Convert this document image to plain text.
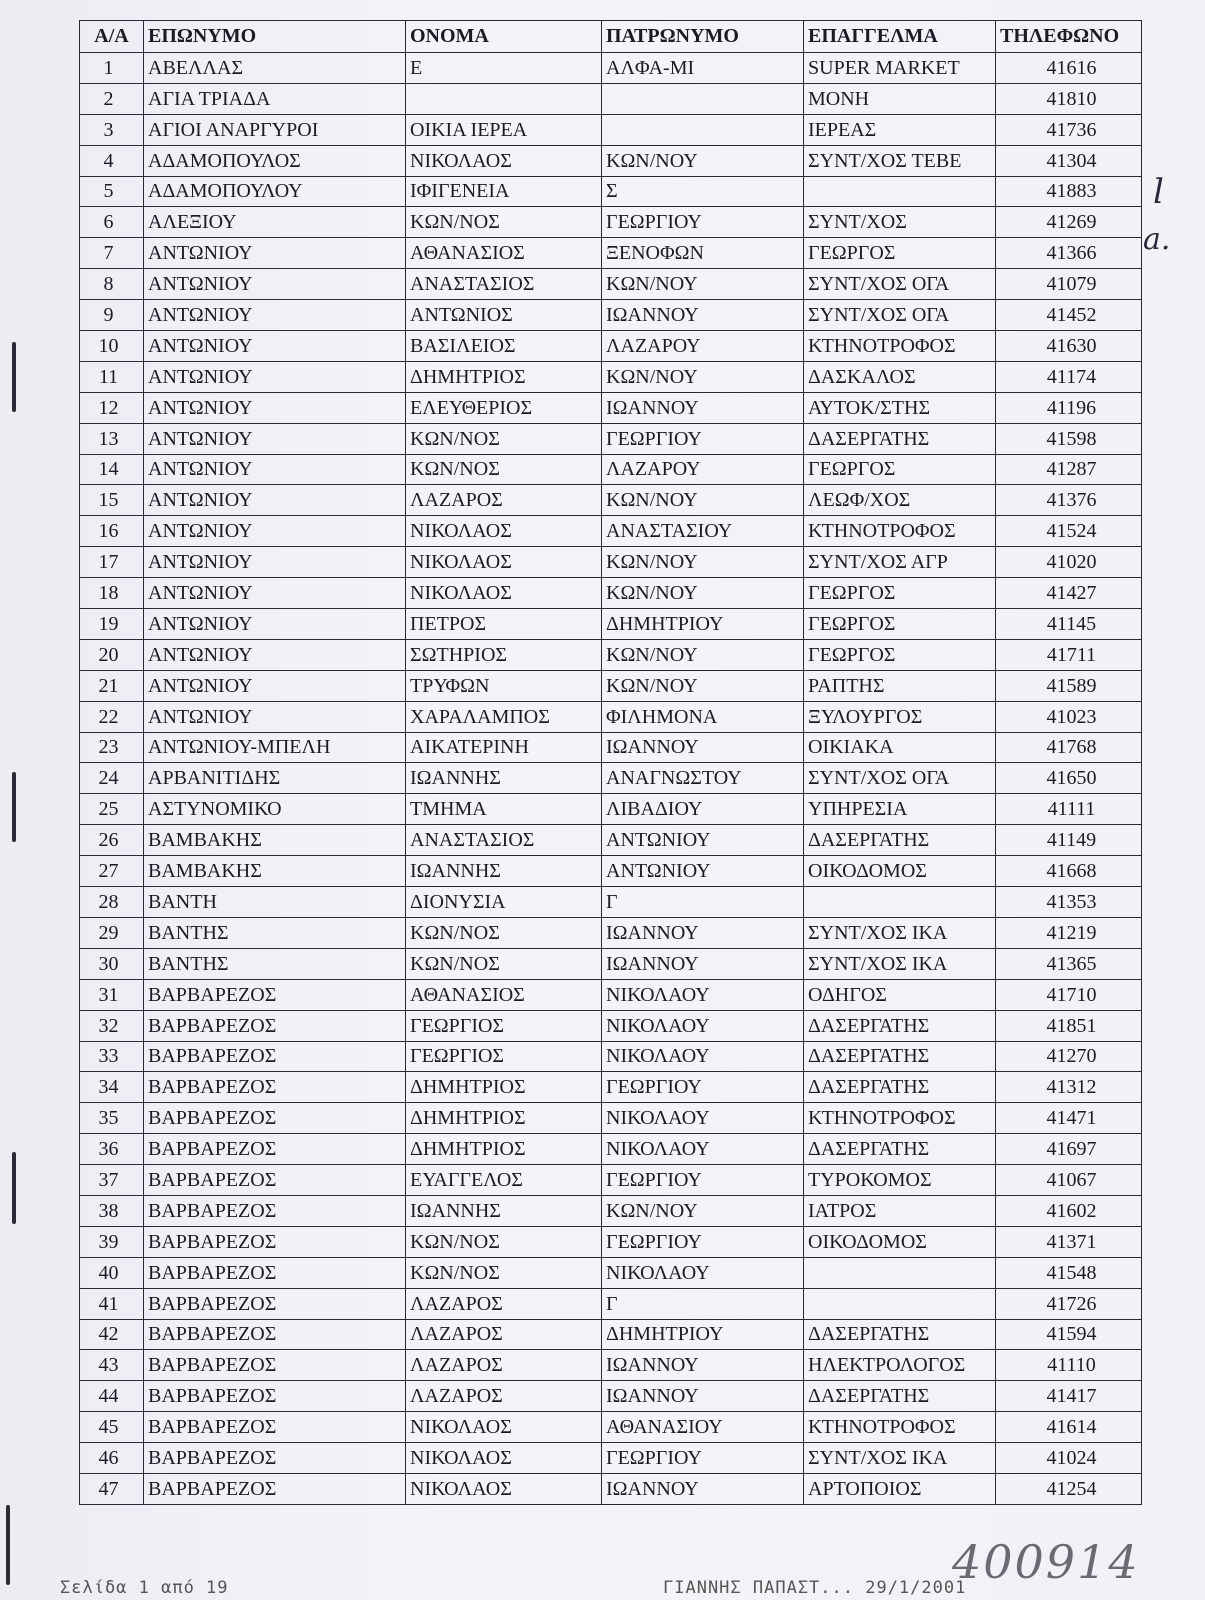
Α/Α	ΕΠΩΝΥΜΟ	ΟΝΟΜΑ	ΠΑΤΡΩΝΥΜΟ	ΕΠΑΓΓΕΛΜΑ	ΤΗΛΕΦΩΝΟ
1	ΑΒΕΛΛΑΣ	Ε	ΑΛΦΑ-ΜΙ	SUPER MARKET	41616
2	ΑΓΙΑ ΤΡΙΑΔΑ			ΜΟΝΗ	41810
3	ΑΓΙΟΙ ΑΝΑΡΓΥΡΟΙ	ΟΙΚΙΑ ΙΕΡΕΑ		ΙΕΡΕΑΣ	41736
4	ΑΔΑΜΟΠΟΥΛΟΣ	ΝΙΚΟΛΑΟΣ	ΚΩΝ/ΝΟΥ	ΣΥΝΤ/ΧΟΣ ΤΕΒΕ	41304
5	ΑΔΑΜΟΠΟΥΛΟΥ	ΙΦΙΓΕΝΕΙΑ	Σ		41883
6	ΑΛΕΞΙΟΥ	ΚΩΝ/ΝΟΣ	ΓΕΩΡΓΙΟΥ	ΣΥΝΤ/ΧΟΣ	41269
7	ΑΝΤΩΝΙΟΥ	ΑΘΑΝΑΣΙΟΣ	ΞΕΝΟΦΩΝ	ΓΕΩΡΓΟΣ	41366
8	ΑΝΤΩΝΙΟΥ	ΑΝΑΣΤΑΣΙΟΣ	ΚΩΝ/ΝΟΥ	ΣΥΝΤ/ΧΟΣ ΟΓΑ	41079
9	ΑΝΤΩΝΙΟΥ	ΑΝΤΩΝΙΟΣ	ΙΩΑΝΝΟΥ	ΣΥΝΤ/ΧΟΣ ΟΓΑ	41452
10	ΑΝΤΩΝΙΟΥ	ΒΑΣΙΛΕΙΟΣ	ΛΑΖΑΡΟΥ	ΚΤΗΝΟΤΡΟΦΟΣ	41630
11	ΑΝΤΩΝΙΟΥ	ΔΗΜΗΤΡΙΟΣ	ΚΩΝ/ΝΟΥ	ΔΑΣΚΑΛΟΣ	41174
12	ΑΝΤΩΝΙΟΥ	ΕΛΕΥΘΕΡΙΟΣ	ΙΩΑΝΝΟΥ	ΑΥΤΟΚ/ΣΤΗΣ	41196
13	ΑΝΤΩΝΙΟΥ	ΚΩΝ/ΝΟΣ	ΓΕΩΡΓΙΟΥ	ΔΑΣΕΡΓΑΤΗΣ	41598
14	ΑΝΤΩΝΙΟΥ	ΚΩΝ/ΝΟΣ	ΛΑΖΑΡΟΥ	ΓΕΩΡΓΟΣ	41287
15	ΑΝΤΩΝΙΟΥ	ΛΑΖΑΡΟΣ	ΚΩΝ/ΝΟΥ	ΛΕΩΦ/ΧΟΣ	41376
16	ΑΝΤΩΝΙΟΥ	ΝΙΚΟΛΑΟΣ	ΑΝΑΣΤΑΣΙΟΥ	ΚΤΗΝΟΤΡΟΦΟΣ	41524
17	ΑΝΤΩΝΙΟΥ	ΝΙΚΟΛΑΟΣ	ΚΩΝ/ΝΟΥ	ΣΥΝΤ/ΧΟΣ ΑΓΡ	41020
18	ΑΝΤΩΝΙΟΥ	ΝΙΚΟΛΑΟΣ	ΚΩΝ/ΝΟΥ	ΓΕΩΡΓΟΣ	41427
19	ΑΝΤΩΝΙΟΥ	ΠΕΤΡΟΣ	ΔΗΜΗΤΡΙΟΥ	ΓΕΩΡΓΟΣ	41145
20	ΑΝΤΩΝΙΟΥ	ΣΩΤΗΡΙΟΣ	ΚΩΝ/ΝΟΥ	ΓΕΩΡΓΟΣ	41711
21	ΑΝΤΩΝΙΟΥ	ΤΡΥΦΩΝ	ΚΩΝ/ΝΟΥ	ΡΑΠΤΗΣ	41589
22	ΑΝΤΩΝΙΟΥ	ΧΑΡΑΛΑΜΠΟΣ	ΦΙΛΗΜΟΝΑ	ΞΥΛΟΥΡΓΟΣ	41023
23	ΑΝΤΩΝΙΟΥ-ΜΠΕΛΗ	ΑΙΚΑΤΕΡΙΝΗ	ΙΩΑΝΝΟΥ	ΟΙΚΙΑΚΑ	41768
24	ΑΡΒΑΝΙΤΙΔΗΣ	ΙΩΑΝΝΗΣ	ΑΝΑΓΝΩΣΤΟΥ	ΣΥΝΤ/ΧΟΣ ΟΓΑ	41650
25	ΑΣΤΥΝΟΜΙΚΟ	ΤΜΗΜΑ	ΛΙΒΑΔΙΟΥ	ΥΠΗΡΕΣΙΑ	41111
26	ΒΑΜΒΑΚΗΣ	ΑΝΑΣΤΑΣΙΟΣ	ΑΝΤΩΝΙΟΥ	ΔΑΣΕΡΓΑΤΗΣ	41149
27	ΒΑΜΒΑΚΗΣ	ΙΩΑΝΝΗΣ	ΑΝΤΩΝΙΟΥ	ΟΙΚΟΔΟΜΟΣ	41668
28	ΒΑΝΤΗ	ΔΙΟΝΥΣΙΑ	Γ		41353
29	ΒΑΝΤΗΣ	ΚΩΝ/ΝΟΣ	ΙΩΑΝΝΟΥ	ΣΥΝΤ/ΧΟΣ ΙΚΑ	41219
30	ΒΑΝΤΗΣ	ΚΩΝ/ΝΟΣ	ΙΩΑΝΝΟΥ	ΣΥΝΤ/ΧΟΣ ΙΚΑ	41365
31	ΒΑΡΒΑΡΕΖΟΣ	ΑΘΑΝΑΣΙΟΣ	ΝΙΚΟΛΑΟΥ	ΟΔΗΓΟΣ	41710
32	ΒΑΡΒΑΡΕΖΟΣ	ΓΕΩΡΓΙΟΣ	ΝΙΚΟΛΑΟΥ	ΔΑΣΕΡΓΑΤΗΣ	41851
33	ΒΑΡΒΑΡΕΖΟΣ	ΓΕΩΡΓΙΟΣ	ΝΙΚΟΛΑΟΥ	ΔΑΣΕΡΓΑΤΗΣ	41270
34	ΒΑΡΒΑΡΕΖΟΣ	ΔΗΜΗΤΡΙΟΣ	ΓΕΩΡΓΙΟΥ	ΔΑΣΕΡΓΑΤΗΣ	41312
35	ΒΑΡΒΑΡΕΖΟΣ	ΔΗΜΗΤΡΙΟΣ	ΝΙΚΟΛΑΟΥ	ΚΤΗΝΟΤΡΟΦΟΣ	41471
36	ΒΑΡΒΑΡΕΖΟΣ	ΔΗΜΗΤΡΙΟΣ	ΝΙΚΟΛΑΟΥ	ΔΑΣΕΡΓΑΤΗΣ	41697
37	ΒΑΡΒΑΡΕΖΟΣ	ΕΥΑΓΓΕΛΟΣ	ΓΕΩΡΓΙΟΥ	ΤΥΡΟΚΟΜΟΣ	41067
38	ΒΑΡΒΑΡΕΖΟΣ	ΙΩΑΝΝΗΣ	ΚΩΝ/ΝΟΥ	ΙΑΤΡΟΣ	41602
39	ΒΑΡΒΑΡΕΖΟΣ	ΚΩΝ/ΝΟΣ	ΓΕΩΡΓΙΟΥ	ΟΙΚΟΔΟΜΟΣ	41371
40	ΒΑΡΒΑΡΕΖΟΣ	ΚΩΝ/ΝΟΣ	ΝΙΚΟΛΑΟΥ		41548
41	ΒΑΡΒΑΡΕΖΟΣ	ΛΑΖΑΡΟΣ	Γ		41726
42	ΒΑΡΒΑΡΕΖΟΣ	ΛΑΖΑΡΟΣ	ΔΗΜΗΤΡΙΟΥ	ΔΑΣΕΡΓΑΤΗΣ	41594
43	ΒΑΡΒΑΡΕΖΟΣ	ΛΑΖΑΡΟΣ	ΙΩΑΝΝΟΥ	ΗΛΕΚΤΡΟΛΟΓΟΣ	41110
44	ΒΑΡΒΑΡΕΖΟΣ	ΛΑΖΑΡΟΣ	ΙΩΑΝΝΟΥ	ΔΑΣΕΡΓΑΤΗΣ	41417
45	ΒΑΡΒΑΡΕΖΟΣ	ΝΙΚΟΛΑΟΣ	ΑΘΑΝΑΣΙΟΥ	ΚΤΗΝΟΤΡΟΦΟΣ	41614
46	ΒΑΡΒΑΡΕΖΟΣ	ΝΙΚΟΛΑΟΣ	ΓΕΩΡΓΙΟΥ	ΣΥΝΤ/ΧΟΣ ΙΚΑ	41024
47	ΒΑΡΒΑΡΕΖΟΣ	ΝΙΚΟΛΑΟΣ	ΙΩΑΝΝΟΥ	ΑΡΤΟΠΟΙΟΣ	41254
l
a.
Σελίδα 1 από 19	ΓΙΑΝΝΗΣ ΠΑΠΑΣΤ... 29/1/2001
400914
